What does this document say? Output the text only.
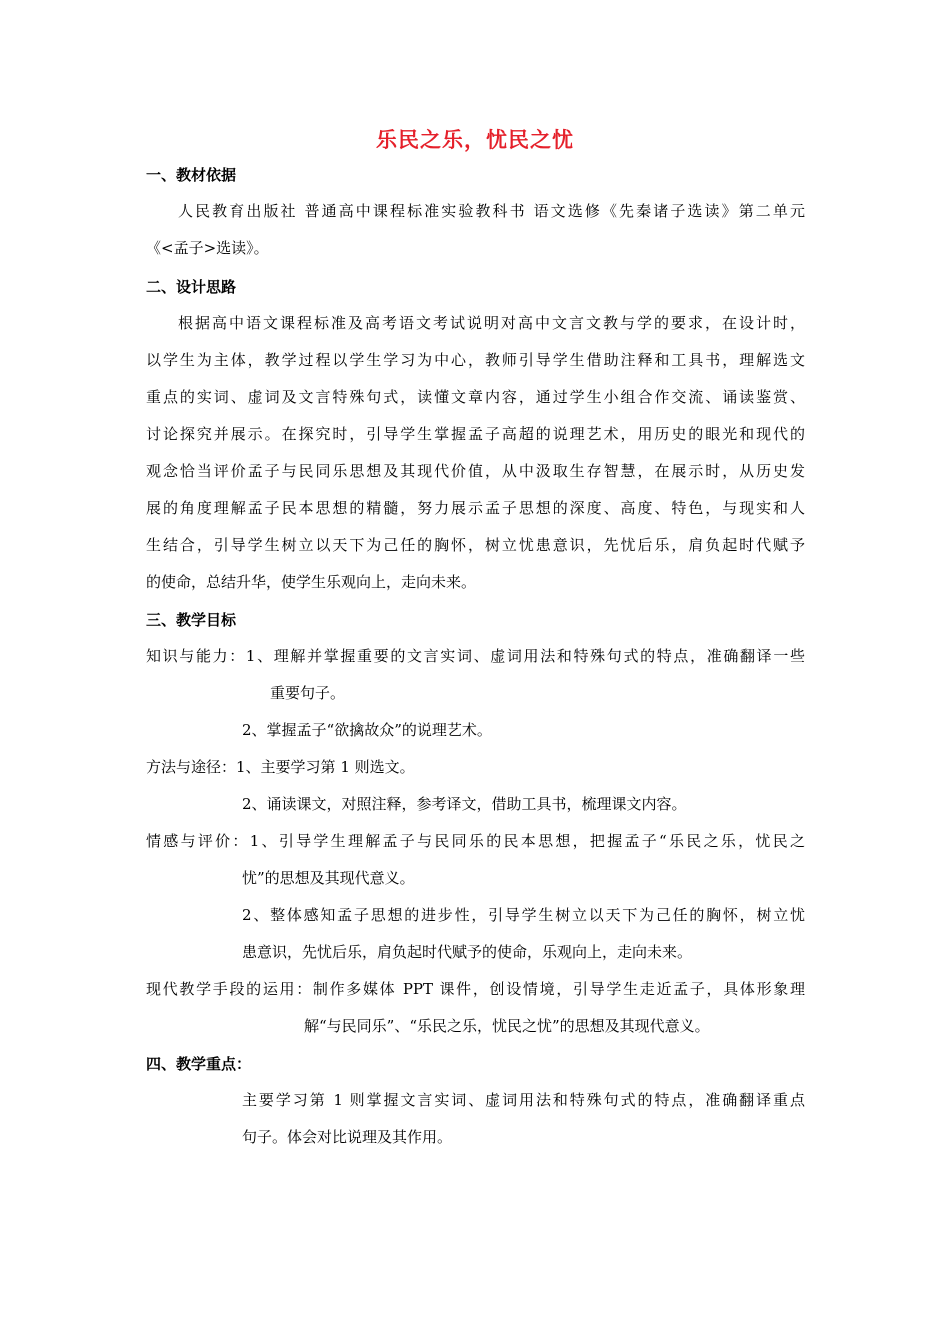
乐民之乐，忧民之忧
一、教材依据
人民教育出版社 普通高中课程标准实验教科书 语文选修《先秦诸子选读》第二单元
《<孟子>选读》。
二、设计思路
根据高中语文课程标准及高考语文考试说明对高中文言文教与学的要求，在设计时，
以学生为主体，教学过程以学生学习为中心，教师引导学生借助注释和工具书，理解选文
重点的实词、虚词及文言特殊句式，读懂文章内容，通过学生小组合作交流、诵读鉴赏、
讨论探究并展示。在探究时，引导学生掌握孟子高超的说理艺术，用历史的眼光和现代的
观念恰当评价孟子与民同乐思想及其现代价值，从中汲取生存智慧，在展示时，从历史发
展的角度理解孟子民本思想的精髓，努力展示孟子思想的深度、高度、特色，与现实和人
生结合，引导学生树立以天下为己任的胸怀，树立忧患意识，先忧后乐，肩负起时代赋予
的使命，总结升华，使学生乐观向上，走向未来。
三、教学目标
知识与能力：1、理解并掌握重要的文言实词、虚词用法和特殊句式的特点，准确翻译一些
重要句子。
2、掌握孟子“欲擒故众”的说理艺术。
方法与途径：1、主要学习第 1 则选文。
2、诵读课文，对照注释，参考译文，借助工具书，梳理课文内容。
情感与评价：1、引导学生理解孟子与民同乐的民本思想，把握孟子“乐民之乐，忧民之
忧”的思想及其现代意义。
2、整体感知孟子思想的进步性，引导学生树立以天下为己任的胸怀，树立忧
患意识，先忧后乐，肩负起时代赋予的使命，乐观向上，走向未来。
现代教学手段的运用：制作多媒体 PPT 课件，创设情境，引导学生走近孟子，具体形象理
解“与民同乐”、“乐民之乐，忧民之忧”的思想及其现代意义。
四、教学重点：
主要学习第 1 则掌握文言实词、虚词用法和特殊句式的特点，准确翻译重点
句子。体会对比说理及其作用。
